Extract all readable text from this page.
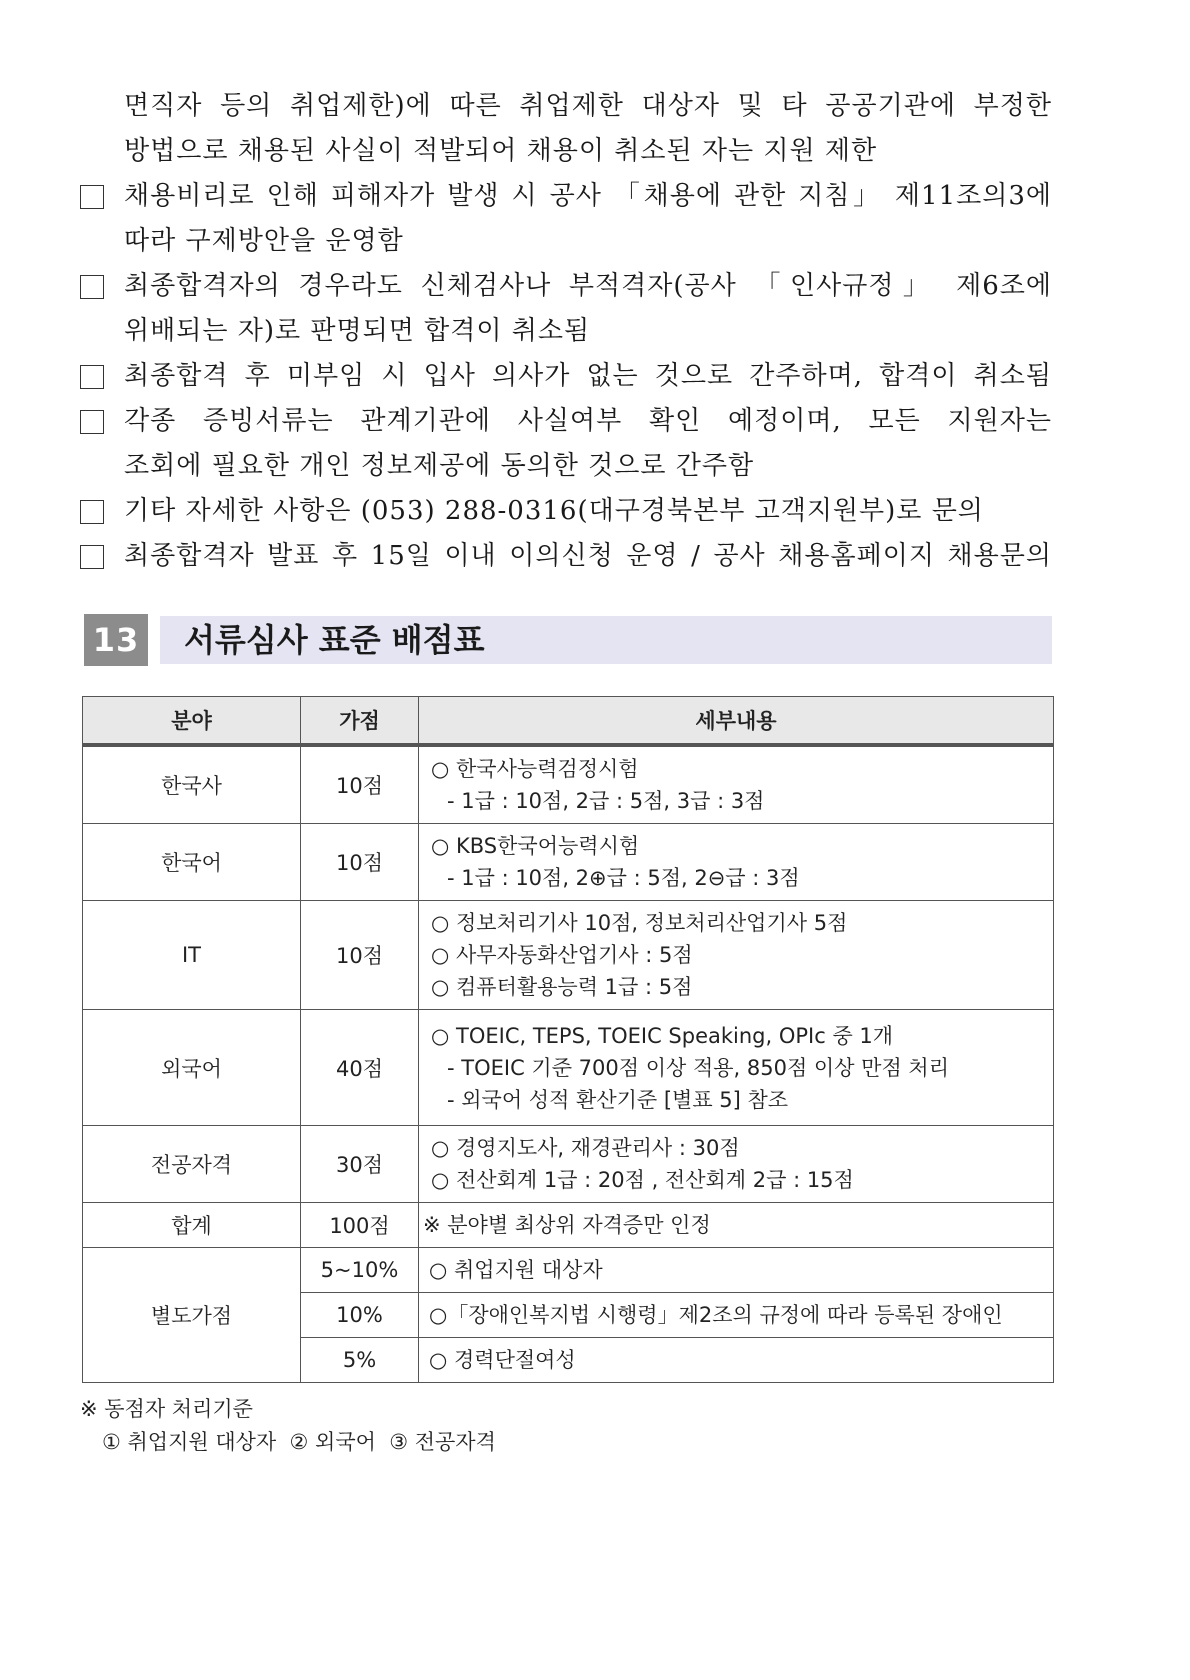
면직자 등의 취업제한)에 따른 취업제한 대상자 및 타 공공기관에 부정한
방법으로 채용된 사실이 적발되어 채용이 취소된 자는 지원 제한
채용비리로 인해 피해자가 발생 시 공사 「채용에 관한 지침」 제11조의3에
따라 구제방안을 운영함
최종합격자의 경우라도 신체검사나 부적격자(공사 「인사규정」 제6조에
위배되는 자)로 판명되면 합격이 취소됨
최종합격 후 미부임 시 입사 의사가 없는 것으로 간주하며, 합격이 취소됨
각종 증빙서류는 관계기관에 사실여부 확인 예정이며, 모든 지원자는
조회에 필요한 개인 정보제공에 동의한 것으로 간주함
기타 자세한 사항은 (053) 288-0316(대구경북본부 고객지원부)로 문의
최종합격자 발표 후 15일 이내 이의신청 운영 / 공사 채용홈페이지 채용문의
13	서류심사 표준 배점표
분야	가점	세부내용
한국사	10점	○ 한국사능력검정시험
- 1급 : 10점, 2급 : 5점, 3급 : 3점

한국어	10점	○ KBS한국어능력시험
- 1급 : 10점, 2⊕급 : 5점, 2⊖급 : 3점

IT	10점	○ 정보처리기사 10점, 정보처리산업기사 5점
○ 사무자동화산업기사 : 5점
○ 컴퓨터활용능력 1급 : 5점

외국어	40점	○ TOEIC, TEPS, TOEIC Speaking, OPIc 중 1개
- TOEIC 기준 700점 이상 적용, 850점 이상 만점 처리
- 외국어 성적 환산기준 [별표 5] 참조

전공자격	30점	○ 경영지도사, 재경관리사 : 30점
○ 전산회계 1급 : 20점 , 전산회계 2급 : 15점

합계	100점	※ 분야별 최상위 자격증만 인정

별도가점	5~10%	○ 취업지원 대상자

	10%	○「장애인복지법 시행령」제2조의 규정에 따라 등록된 장애인

	5%	○ 경력단절여성
※ 동점자 처리기준
① 취업지원 대상자  ② 외국어  ③ 전공자격
